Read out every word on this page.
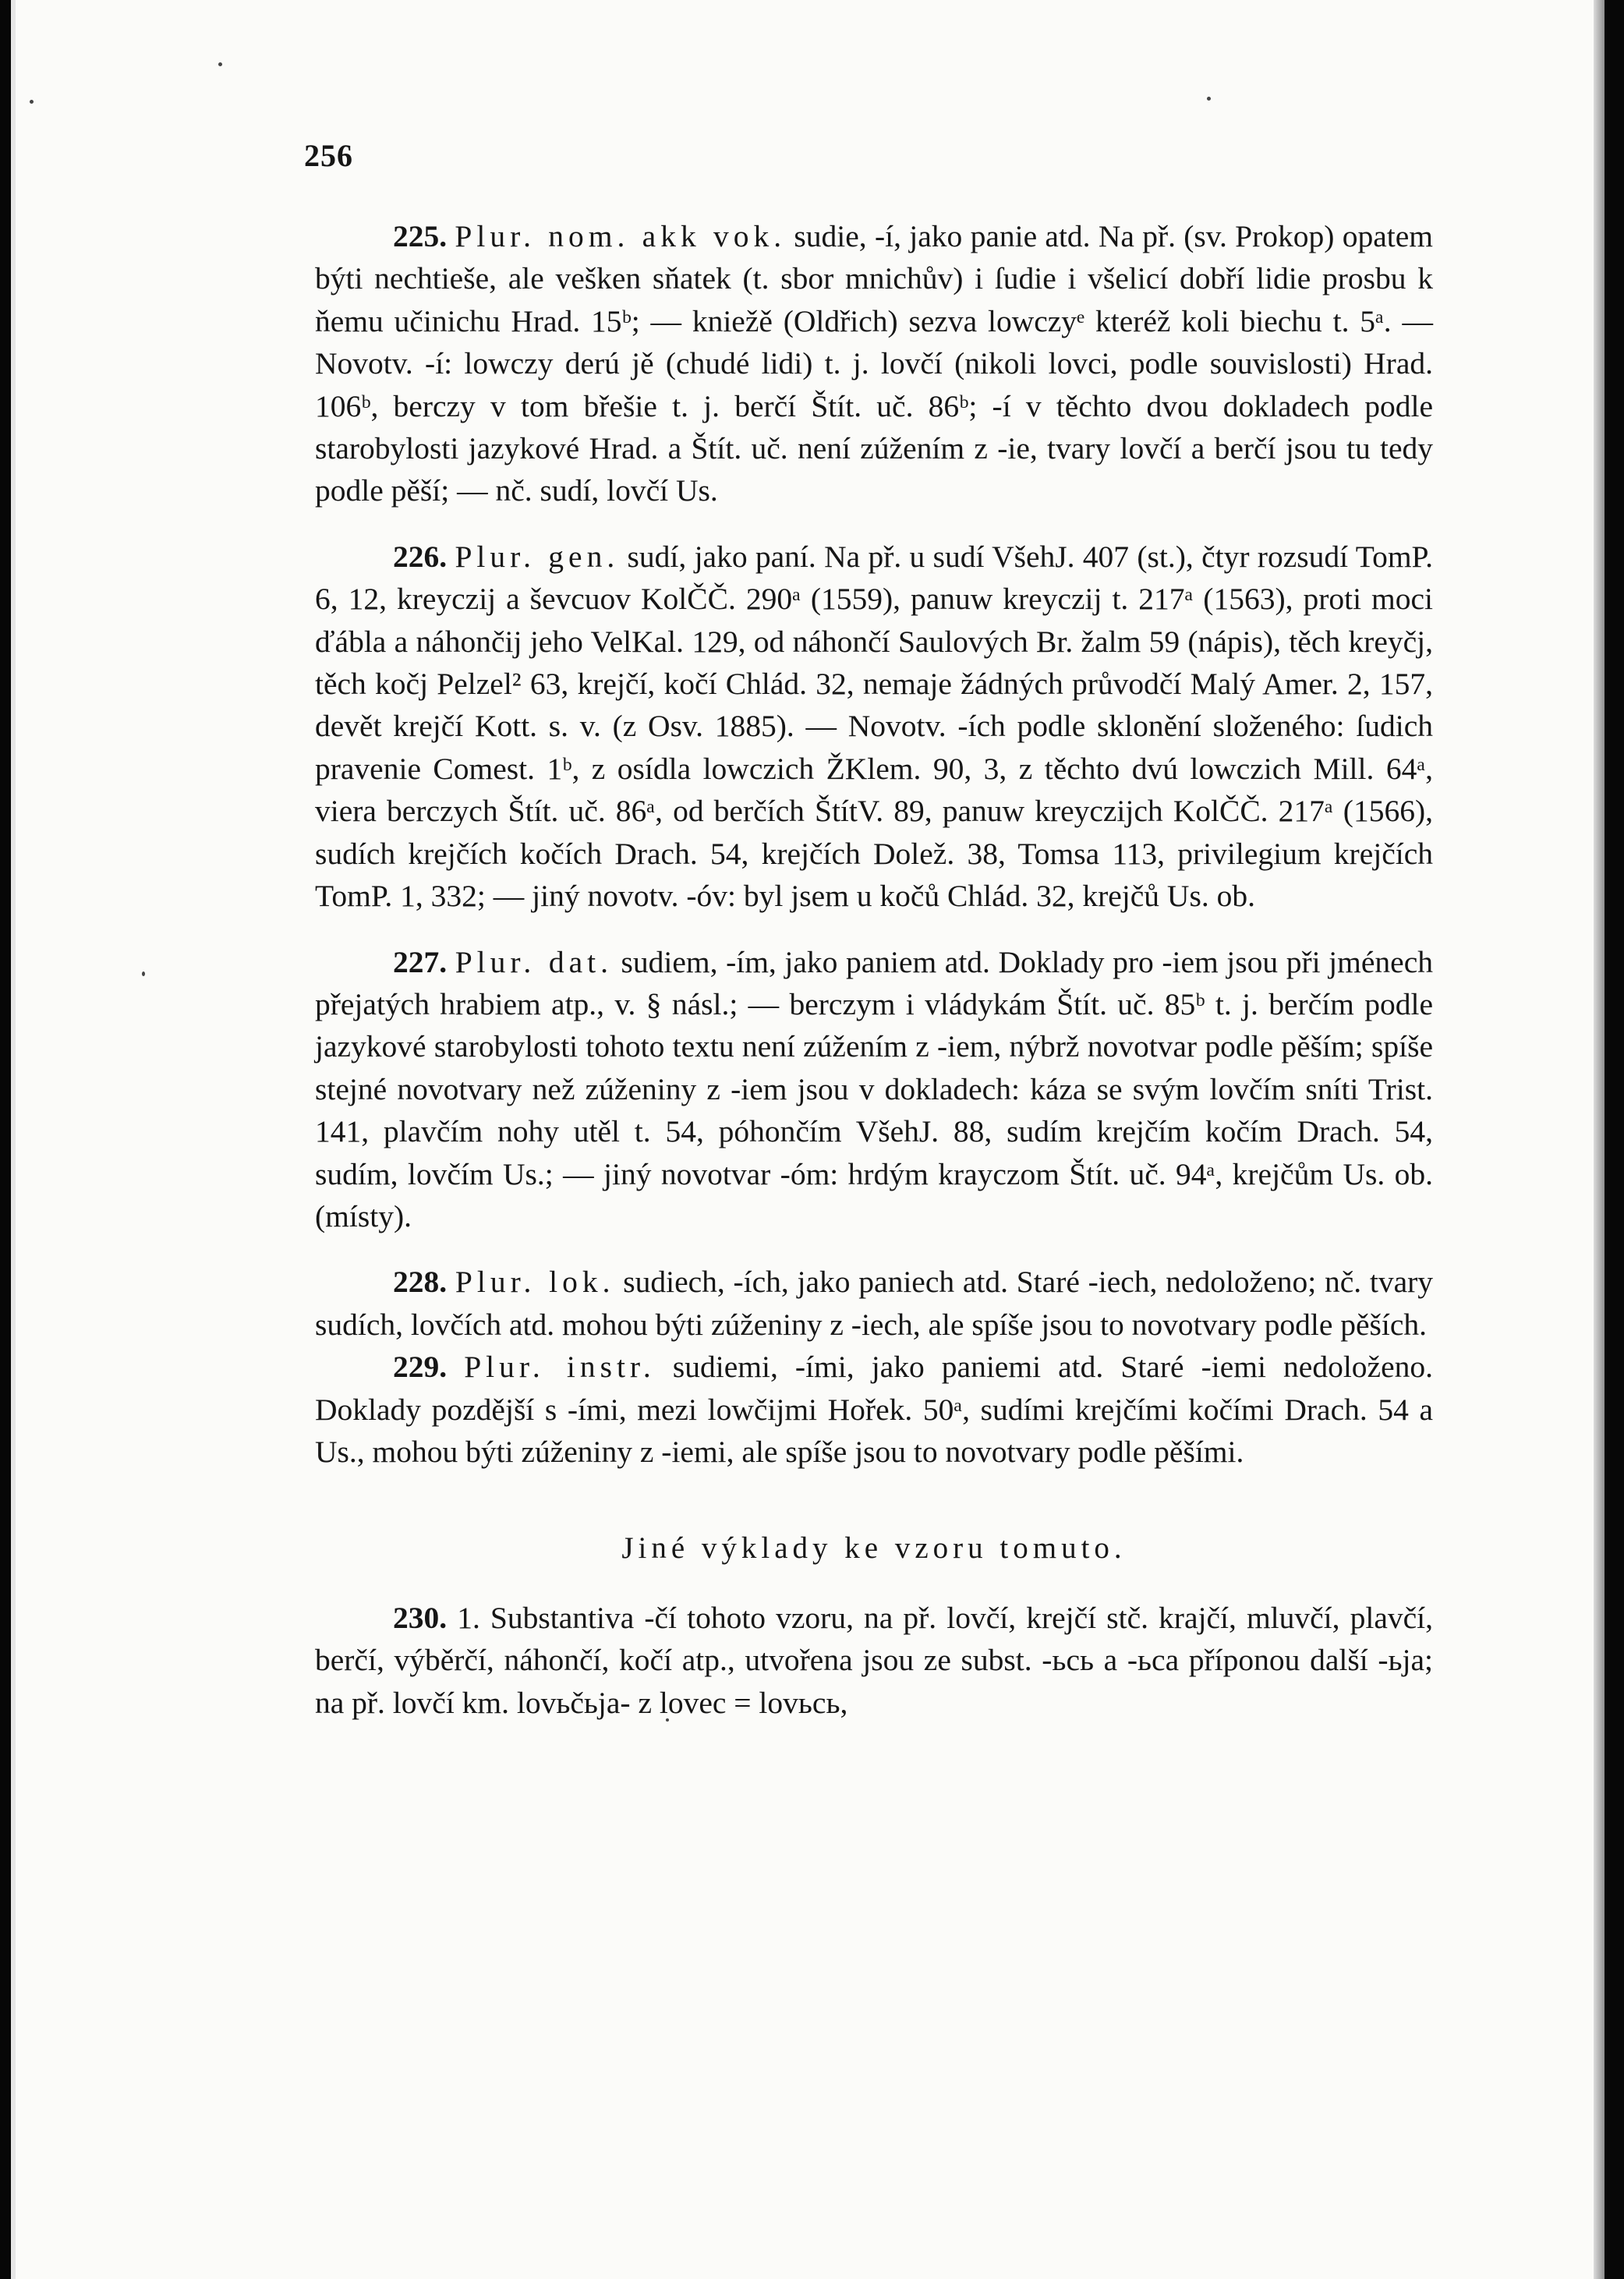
256

225. Plur. nom. akk vok. sudie, -í, jako panie atd. Na př. (sv. Prokop) opatem býti nechtieše, ale veškеn sňatek (t. sbor mnichův) i ſudie i všelicí dobří lidie prosbu k ňemu učinichu Hrad. 15ᵇ; — kniežě (Oldřich) sezva lowczyᵉ kteréž koli biechu t. 5ᵃ. — Novotv. -í: lowczy derú jě (chudé lidi) t. j. lovčí (nikoli lovci, podle souvislosti) Hrad. 106ᵇ, berczy v tom břešie t. j. berčí Štít. uč. 86ᵇ; -í v těchto dvou dokladech podle starobylosti jazykové Hrad. a Štít. uč. není zúžením z -ie, tvary lovčí a berčí jsou tu tedy podle pěší; — nč. sudí, lovčí Us.

226. Plur. gen. sudí, jako paní. Na př. u sudí VšehJ. 407 (st.), čtyr rozsudí TomP. 6, 12, kreyczij a ševcuov KolČČ. 290ᵃ (1559), panuw kreyczij t. 217ᵃ (1563), proti moci ďábla a náhončij jeho VelKal. 129, od náhončí Saulových Br. žalm 59 (nápis), těch kreyčj, těch kočj Pelzel² 63, krejčí, kočí Chlád. 32, nemaje žádných průvodčí Malý Amer. 2, 157, devět krejčí Kott. s. v. (z Osv. 1885). — Novotv. -ích podle sklonění složeného: ſudich pravenie Comest. 1ᵇ, z osídla lowczich ŽKlem. 90, 3, z těchto dvú lowczich Mill. 64ᵃ, viera berczych Štít. uč. 86ᵃ, od berčích ŠtítV. 89, panuw kreyczijch KolČČ. 217ᵃ (1566), sudích krejčích kočích Drach. 54, krejčích Dolež. 38, Tomsa 113, privilegium krejčích TomP. 1, 332; — jiný novotv. -óv: byl jsem u kočů Chlád. 32, krejčů Us. ob.

227. Plur. dat. sudiem, -ím, jako paniem atd. Doklady pro -iem jsou při jménech přejatých hrabiem atp., v. § násl.; — berczym i vládykám Štít. uč. 85ᵇ t. j. berčím podle jazykové starobylosti tohoto textu není zúžením z -iem, nýbrž novotvar podle pěším; spíše stejné novotvary než zúženiny z -iem jsou v dokladech: káza se svým lovčím sníti Trist. 141, plavčím nohy utěl t. 54, póhončím VšehJ. 88, sudím krejčím kočím Drach. 54, sudím, lovčím Us.; — jiný novotvar -óm: hrdým krayczom Štít. uč. 94ᵃ, krejčům Us. ob. (místy).

228. Plur. lok. sudiech, -ích, jako paniech atd. Staré -iech, nedoloženo; nč. tvary sudích, lovčích atd. mohou býti zúženiny z -iech, ale spíše jsou to novotvary podle pěších.

229. Plur. instr. sudiemi, -ími, jako paniemi atd. Staré -iemi nedoloženo. Doklady pozdější s -ími, mezi lowčijmi Hořek. 50ᵃ, sudími krejčími kočími Drach. 54 a Us., mohou býti zúženiny z -iemi, ale spíše jsou to novotvary podle pěšími.

Jiné výklady ke vzoru tomuto.

230. 1. Substantiva -čí tohoto vzoru, na př. lovčí, krejčí stč. krajčí, mluvčí, plavčí, berčí, výběrčí, náhončí, kočí atp., utvořena jsou ze subst. -ьcь a -ьca příponou další -ьja; na př. lovčí km. lovьčьja- z lovec = lovьcь,
